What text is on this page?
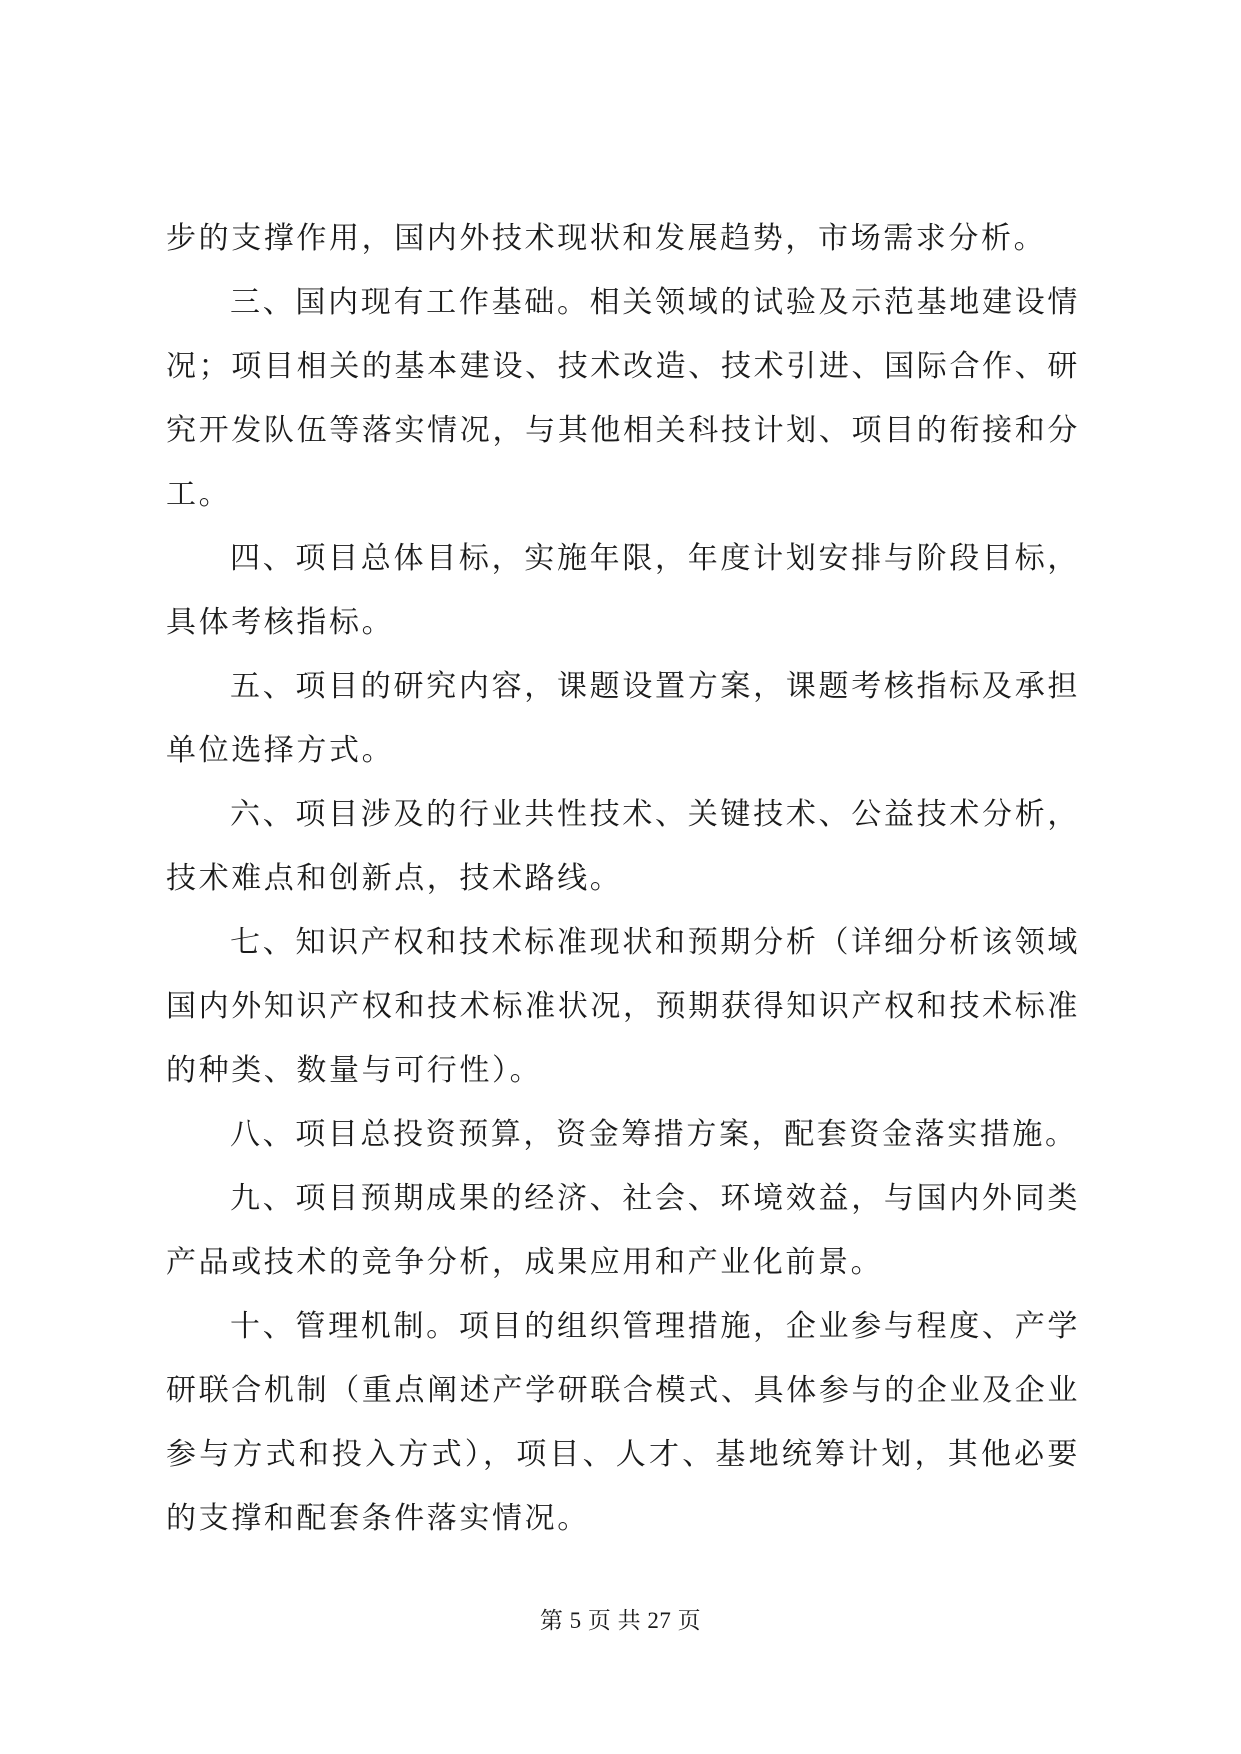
步的支撑作用，国内外技术现状和发展趋势，市场需求分析。

三、国内现有工作基础。相关领域的试验及示范基地建设情况；项目相关的基本建设、技术改造、技术引进、国际合作、研究开发队伍等落实情况，与其他相关科技计划、项目的衔接和分工。

四、项目总体目标，实施年限，年度计划安排与阶段目标，具体考核指标。

五、项目的研究内容，课题设置方案，课题考核指标及承担单位选择方式。

六、项目涉及的行业共性技术、关键技术、公益技术分析，技术难点和创新点，技术路线。

七、知识产权和技术标准现状和预期分析（详细分析该领域国内外知识产权和技术标准状况，预期获得知识产权和技术标准的种类、数量与可行性）。

八、项目总投资预算，资金筹措方案，配套资金落实措施。

九、项目预期成果的经济、社会、环境效益，与国内外同类产品或技术的竞争分析，成果应用和产业化前景。

十、管理机制。项目的组织管理措施，企业参与程度、产学研联合机制（重点阐述产学研联合模式、具体参与的企业及企业参与方式和投入方式），项目、人才、基地统筹计划，其他必要的支撑和配套条件落实情况。

第 5 页 共 27 页
